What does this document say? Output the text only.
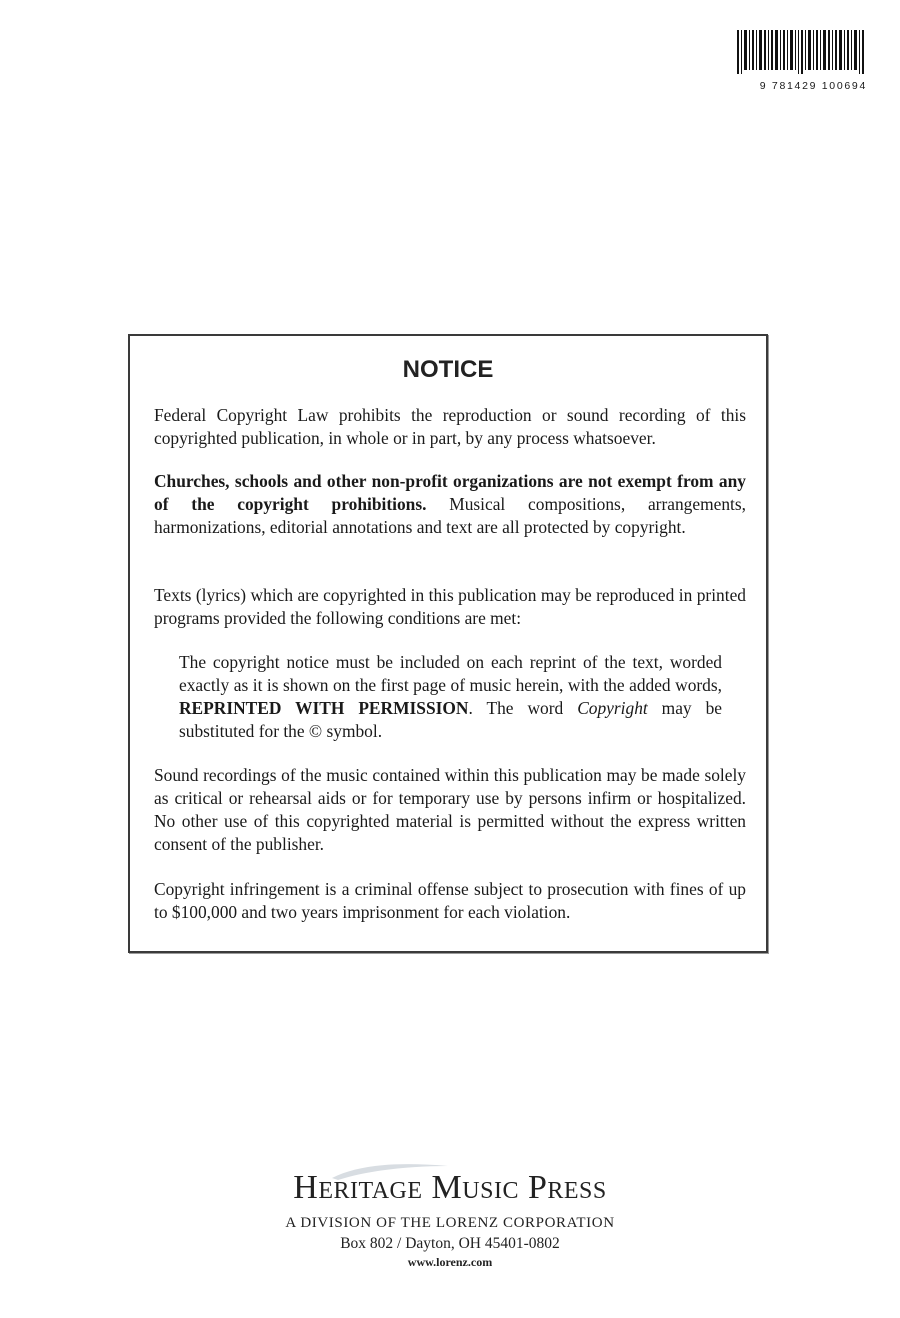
9 781429 100694
NOTICE

Federal Copyright Law prohibits the reproduction or sound recording of this copyrighted publication, in whole or in part, by any process whatsoever.

Churches, schools and other non-profit organizations are not exempt from any of the copyright prohibitions. Musical compositions, arrangements, harmonizations, editorial annotations and text are all protected by copyright.

Texts (lyrics) which are copyrighted in this publication may be reproduced in printed programs provided the following conditions are met:

The copyright notice must be included on each reprint of the text, worded exactly as it is shown on the first page of music herein, with the added words, REPRINTED WITH PERMISSION. The word Copyright may be substituted for the © symbol.

Sound recordings of the music contained within this publication may be made solely as critical or rehearsal aids or for temporary use by persons infirm or hospitalized. No other use of this copyrighted material is permitted without the express written consent of the publisher.

Copyright infringement is a criminal offense subject to prosecution with fines of up to $100,000 and two years imprisonment for each violation.

Heritage Music Press
A DIVISION OF THE LORENZ CORPORATION
Box 802 / Dayton, OH 45401-0802
www.lorenz.com
